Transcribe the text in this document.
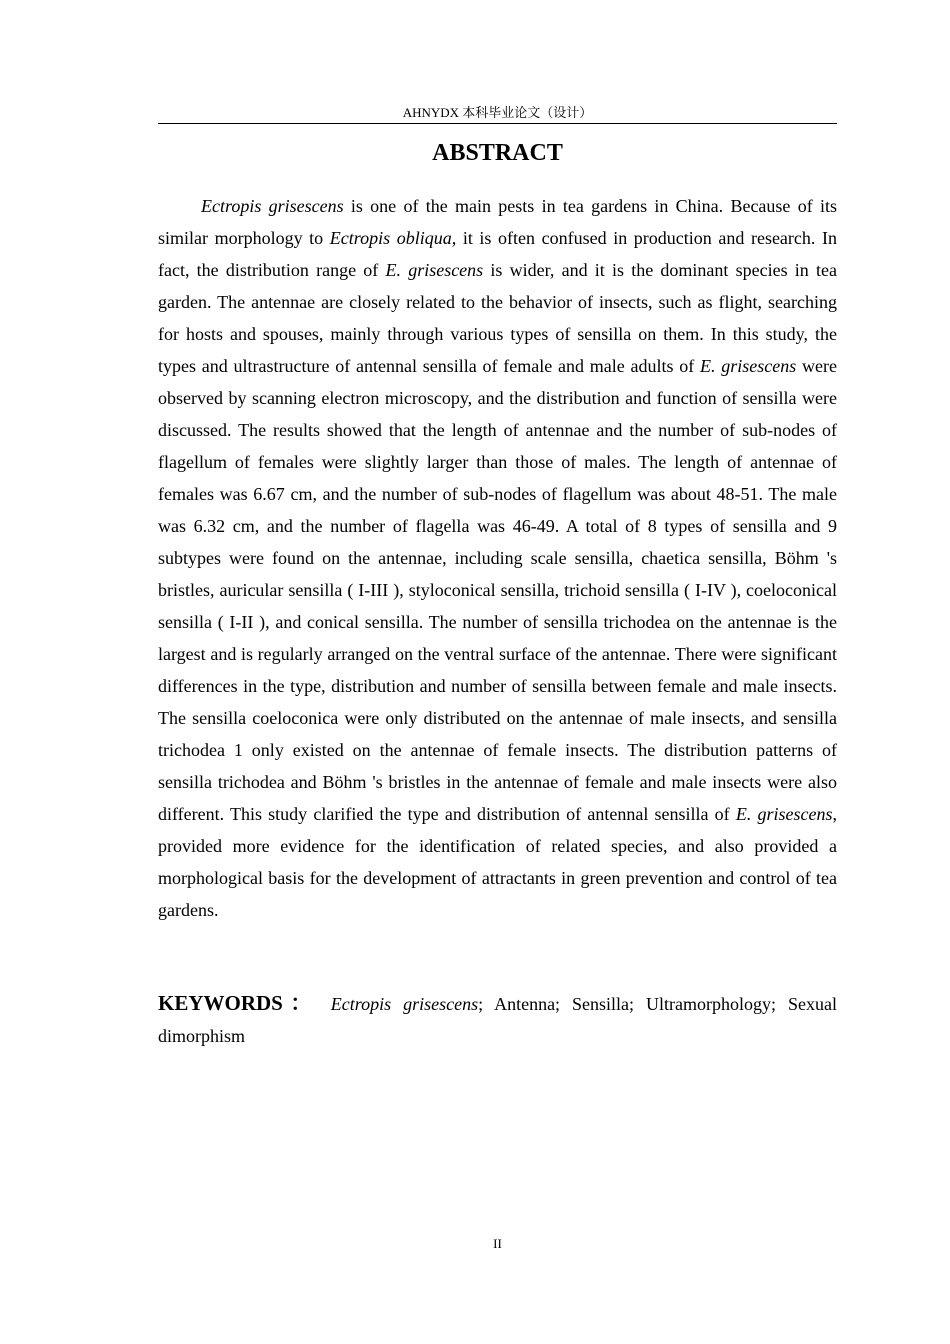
AHNYDX 本科毕业论文（设计）
ABSTRACT

Ectropis grisescens is one of the main pests in tea gardens in China. Because of its similar morphology to Ectropis obliqua, it is often confused in production and research. In fact, the distribution range of E. grisescens is wider, and it is the dominant species in tea garden. The antennae are closely related to the behavior of insects, such as flight, searching for hosts and spouses, mainly through various types of sensilla on them. In this study, the types and ultrastructure of antennal sensilla of female and male adults of E. grisescens were observed by scanning electron microscopy, and the distribution and function of sensilla were discussed. The results showed that the length of antennae and the number of sub-nodes of flagellum of females were slightly larger than those of males. The length of antennae of females was 6.67 cm, and the number of sub-nodes of flagellum was about 48-51. The male was 6.32 cm, and the number of flagella was 46-49. A total of 8 types of sensilla and 9 subtypes were found on the antennae, including scale sensilla, chaetica sensilla, Böhm 's bristles, auricular sensilla ( I-III ), styloconical sensilla, trichoid sensilla ( I-IV ), coeloconical sensilla ( I-II ), and conical sensilla. The number of sensilla trichodea on the antennae is the largest and is regularly arranged on the ventral surface of the antennae. There were significant differences in the type, distribution and number of sensilla between female and male insects. The sensilla coeloconica were only distributed on the antennae of male insects, and sensilla trichodea 1 only existed on the antennae of female insects. The distribution patterns of sensilla trichodea and Böhm 's bristles in the antennae of female and male insects were also different. This study clarified the type and distribution of antennal sensilla of E. grisescens, provided more evidence for the identification of related species, and also provided a morphological basis for the development of attractants in green prevention and control of tea gardens.

KEYWORDS： Ectropis grisescens; Antenna; Sensilla; Ultramorphology; Sexual dimorphism

II
